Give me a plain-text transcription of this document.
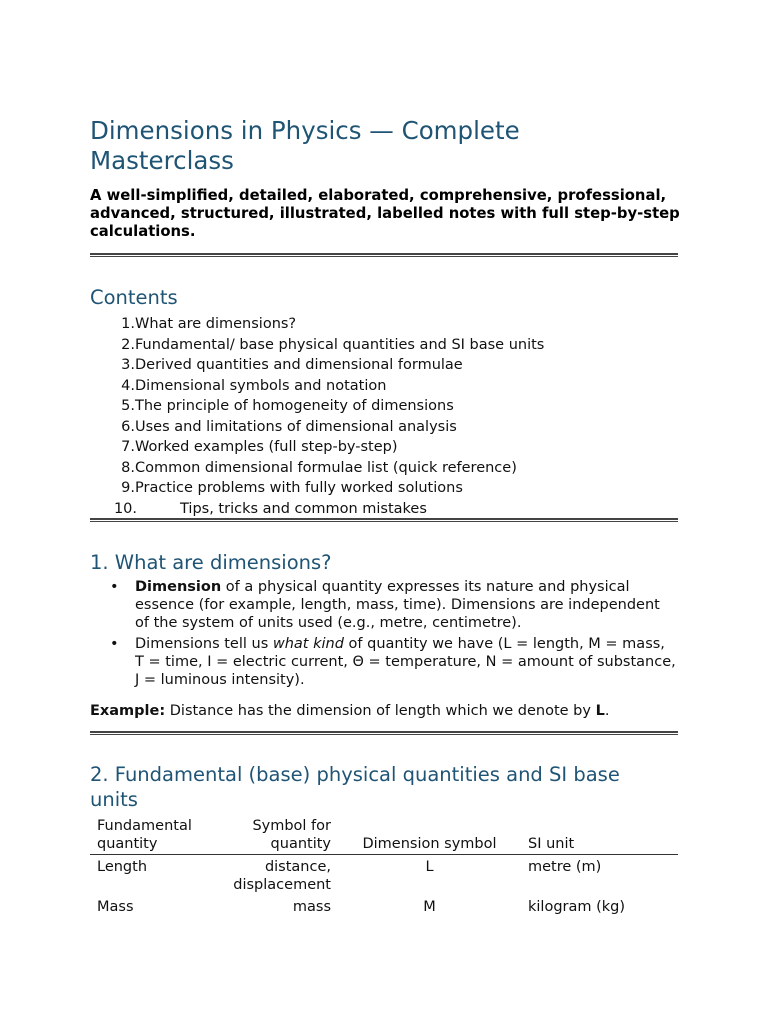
Dimensions in Physics — Complete Masterclass

A well-simplified, detailed, elaborated, comprehensive, professional, advanced, structured, illustrated, labelled notes with full step-by-step calculations.

Contents
1.What are dimensions?
2.Fundamental/ base physical quantities and SI base units
3.Derived quantities and dimensional formulae
4.Dimensional symbols and notation
5.The principle of homogeneity of dimensions
6.Uses and limitations of dimensional analysis
7.Worked examples (full step-by-step)
8.Common dimensional formulae list (quick reference)
9.Practice problems with fully worked solutions
10.	Tips, tricks and common mistakes
1. What are dimensions?
• Dimension of a physical quantity expresses its nature and physical essence (for example, length, mass, time). Dimensions are independent of the system of units used (e.g., metre, centimetre).
• Dimensions tell us what kind of quantity we have (L = length, M = mass, T = time, I = electric current, Θ = temperature, N = amount of substance, J = luminous intensity).

Example: Distance has the dimension of length which we denote by L.

2. Fundamental (base) physical quantities and SI base units
Fundamental quantity	Symbol for quantity	Dimension symbol	SI unit
Length	distance, displacement	L	metre (m)
Mass	mass	M	kilogram (kg)
